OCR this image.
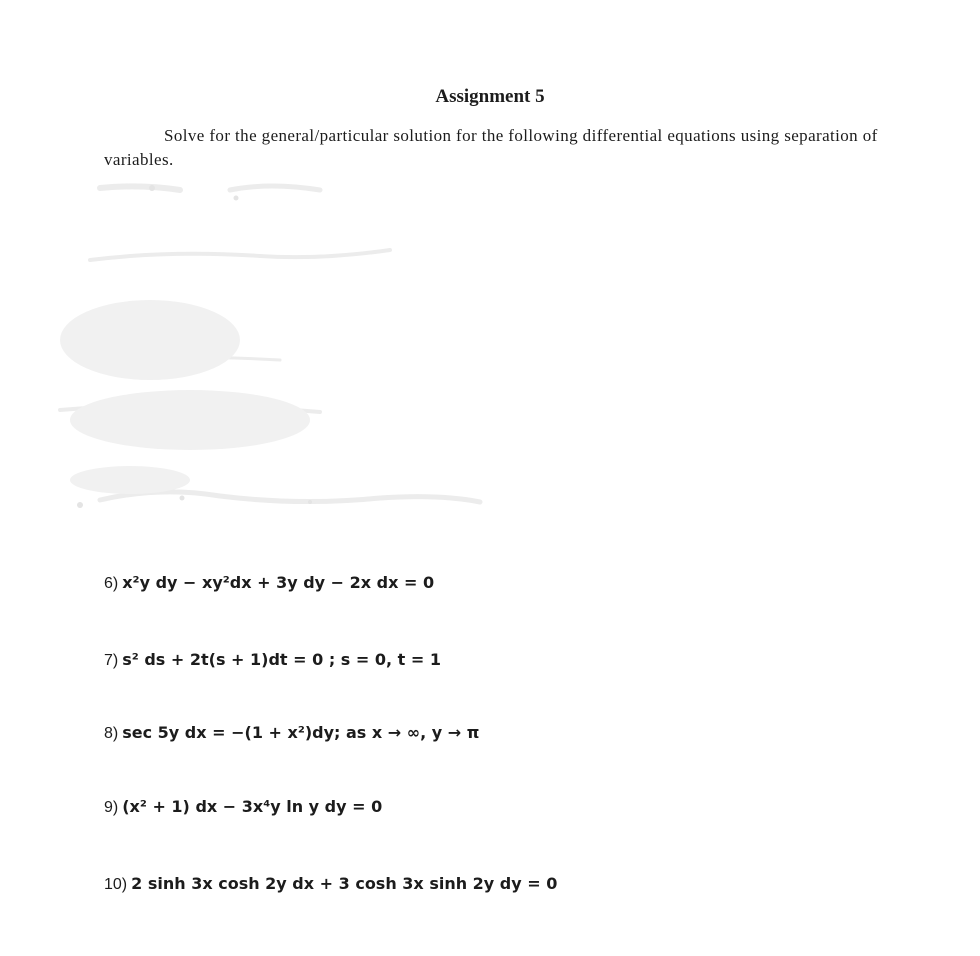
Assignment 5
Solve for the general/particular solution for the following differential equations using separation of variables.
6) x²y dy − xy²dx + 3y dy − 2x dx = 0
7) s² ds + 2t(s + 1)dt = 0 ; s = 0, t = 1
8) sec 5y dx = −(1 + x²)dy; as x → ∞, y → π
9) (x² + 1) dx − 3x⁴y ln y dy = 0
10) 2 sinh 3x cosh 2y dx + 3 cosh 3x sinh 2y dy = 0
